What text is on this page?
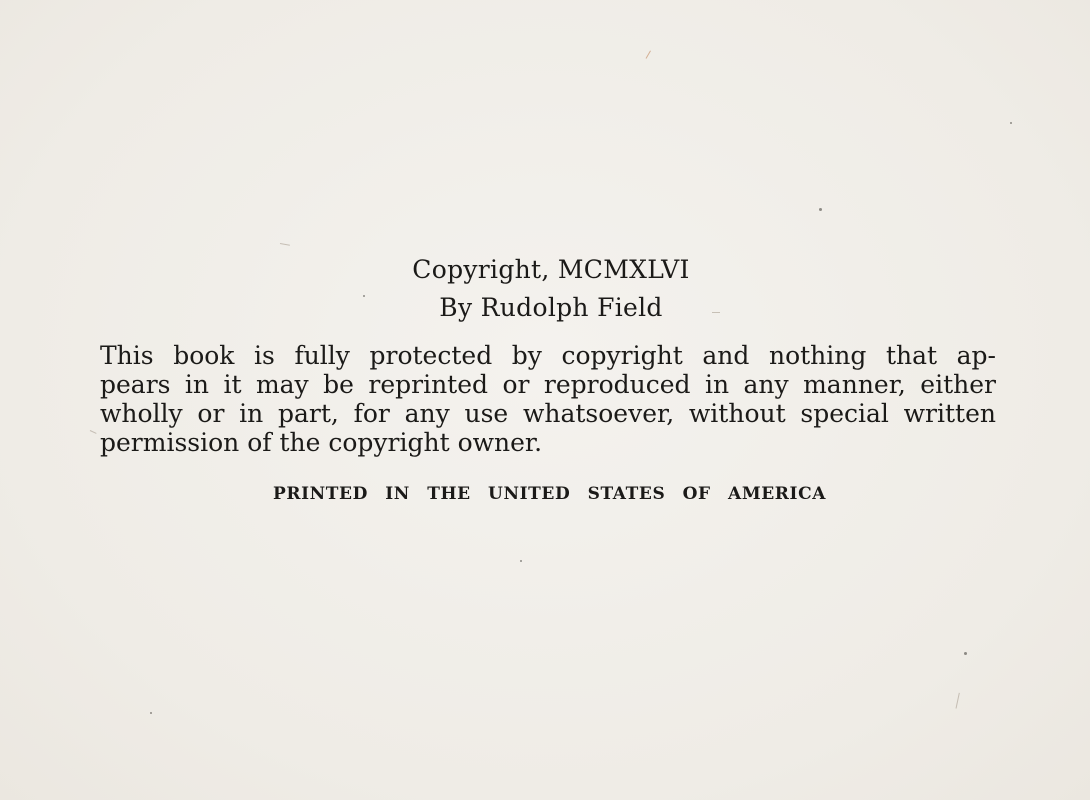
Copyright, MCMXLVI
By Rudolph Field
This book is fully protected by copyright and nothing that ap-
pears in it may be reprinted or reproduced in any manner, either
wholly or in part, for any use whatsoever, without special written
permission of the copyright owner.
PRINTED IN THE UNITED STATES OF AMERICA
